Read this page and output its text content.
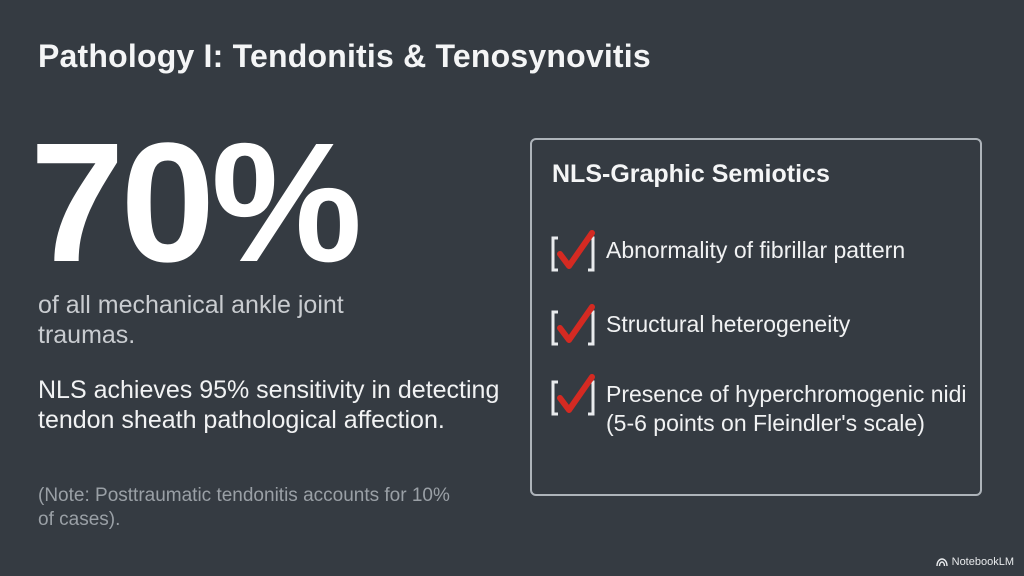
Pathology I: Tendonitis & Tenosynovitis
70%
of all mechanical ankle joint traumas.
NLS achieves 95% sensitivity in detecting tendon sheath pathological affection.
(Note: Posttraumatic tendonitis accounts for 10% of cases).
NLS-Graphic Semiotics
Abnormality of fibrillar pattern
Structural heterogeneity
Presence of hyperchromogenic nidi (5-6 points on Fleindler's scale)
NotebookLM
